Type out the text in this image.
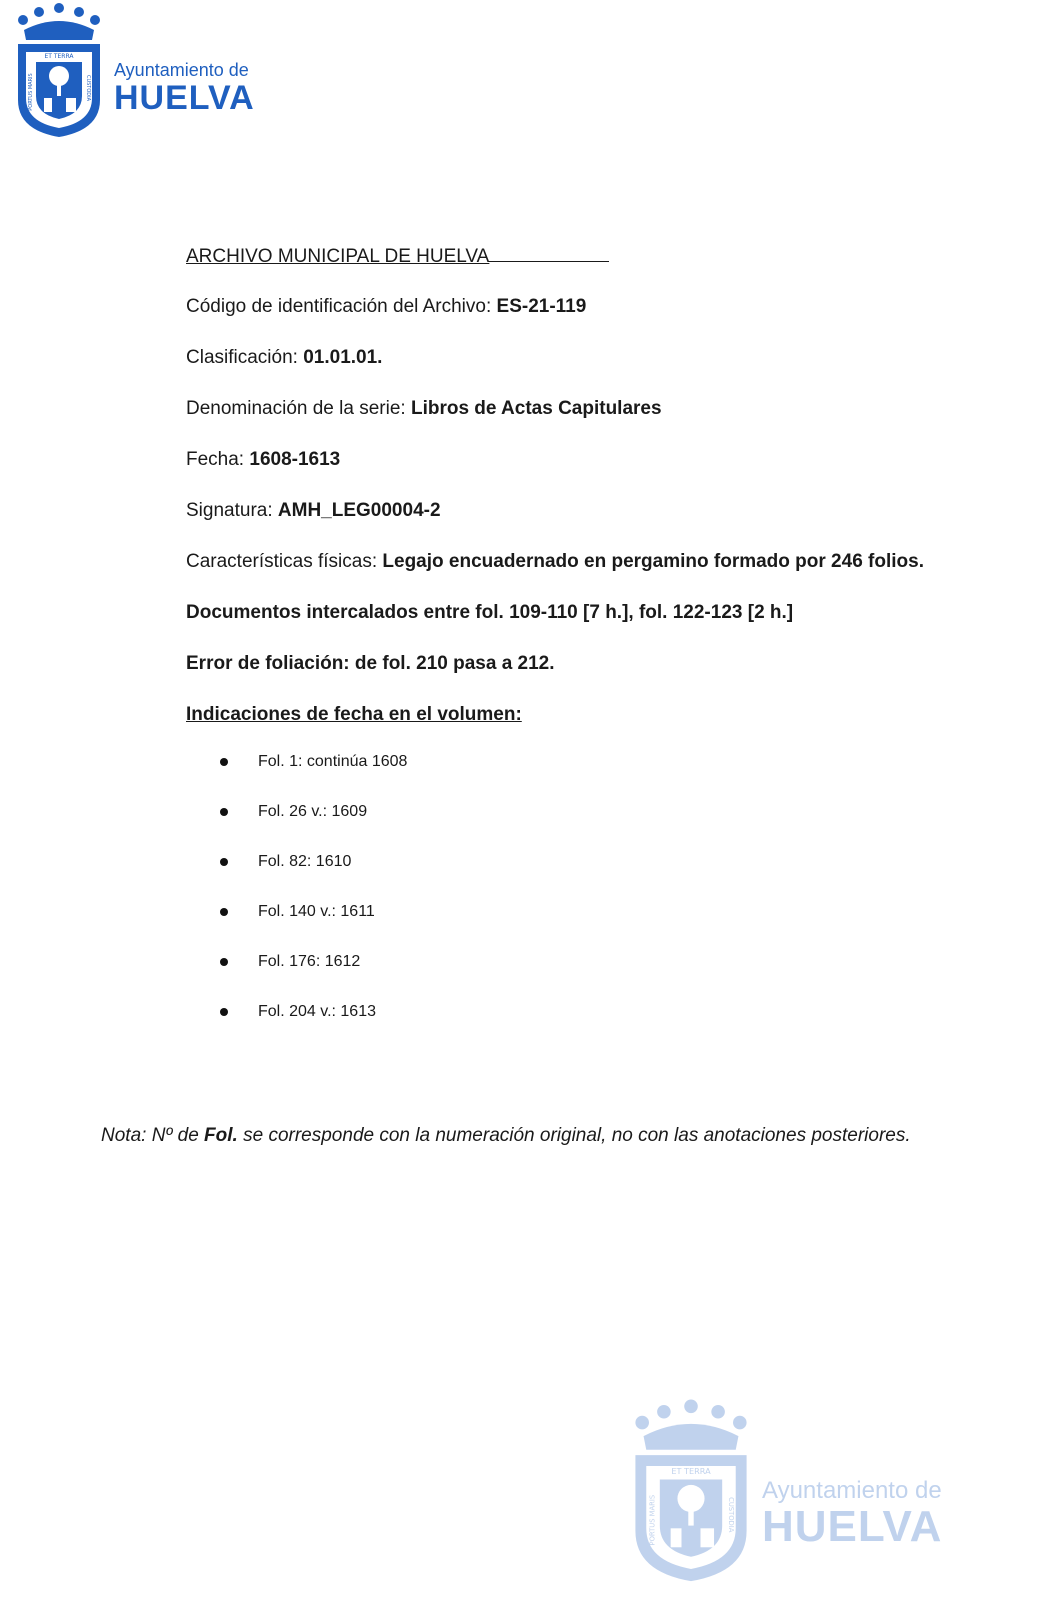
ET TERRA
PORTUS MARIS	CUSTODIA
Ayuntamiento de
HUELVA
ARCHIVO MUNICIPAL DE HUELVA
Código de identificación del Archivo: ES-21-119
Clasificación: 01.01.01.
Denominación de la serie: Libros de Actas Capitulares
Fecha: 1608-1613
Signatura: AMH_LEG00004-2
Características físicas: Legajo encuadernado en pergamino formado por 246 folios.
Documentos intercalados entre fol. 109-110 [7 h.], fol. 122-123 [2 h.]
Error de foliación: de fol. 210 pasa a 212.
Indicaciones de fecha en el volumen:
Fol. 1: continúa 1608
Fol. 26 v.: 1609
Fol. 82: 1610
Fol. 140 v.: 1611
Fol. 176: 1612
Fol. 204 v.: 1613
Nota: Nº de Fol. se corresponde con la numeración original, no con las anotaciones posteriores.
ET TERRA
PORTUS MARIS	CUSTODIA
Ayuntamiento de
HUELVA
